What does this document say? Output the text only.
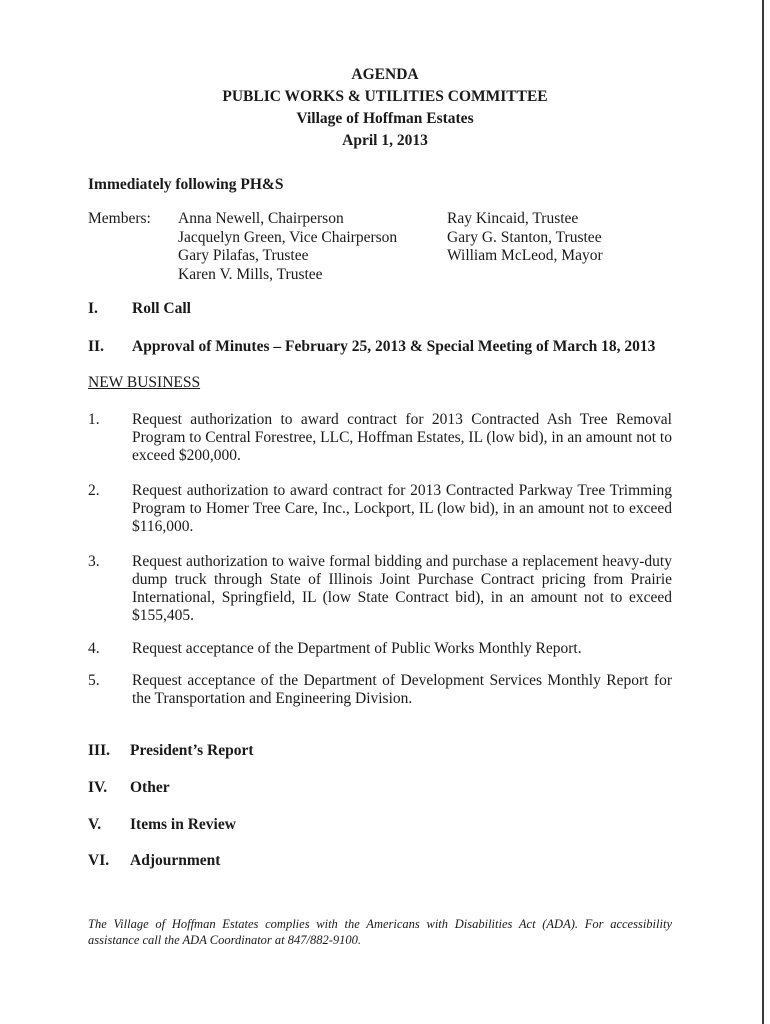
AGENDA
PUBLIC WORKS & UTILITIES COMMITTEE
Village of Hoffman Estates
April 1, 2013
Immediately following PH&S
Members: Anna Newell, Chairperson
Jacquelyn Green, Vice Chairperson
Gary Pilafas, Trustee
Karen V. Mills, Trustee
Ray Kincaid, Trustee
Gary G. Stanton, Trustee
William McLeod, Mayor
I. Roll Call
II. Approval of Minutes – February 25, 2013 & Special Meeting of March 18, 2013
NEW BUSINESS
1. Request authorization to award contract for 2013 Contracted Ash Tree Removal Program to Central Forestree, LLC, Hoffman Estates, IL (low bid), in an amount not to exceed $200,000.
2. Request authorization to award contract for 2013 Contracted Parkway Tree Trimming Program to Homer Tree Care, Inc., Lockport, IL (low bid), in an amount not to exceed $116,000.
3. Request authorization to waive formal bidding and purchase a replacement heavy-duty dump truck through State of Illinois Joint Purchase Contract pricing from Prairie International, Springfield, IL (low State Contract bid), in an amount not to exceed $155,405.
4. Request acceptance of the Department of Public Works Monthly Report.
5. Request acceptance of the Department of Development Services Monthly Report for the Transportation and Engineering Division.
III. President’s Report
IV. Other
V. Items in Review
VI. Adjournment
The Village of Hoffman Estates complies with the Americans with Disabilities Act (ADA). For accessibility assistance call the ADA Coordinator at 847/882-9100.
